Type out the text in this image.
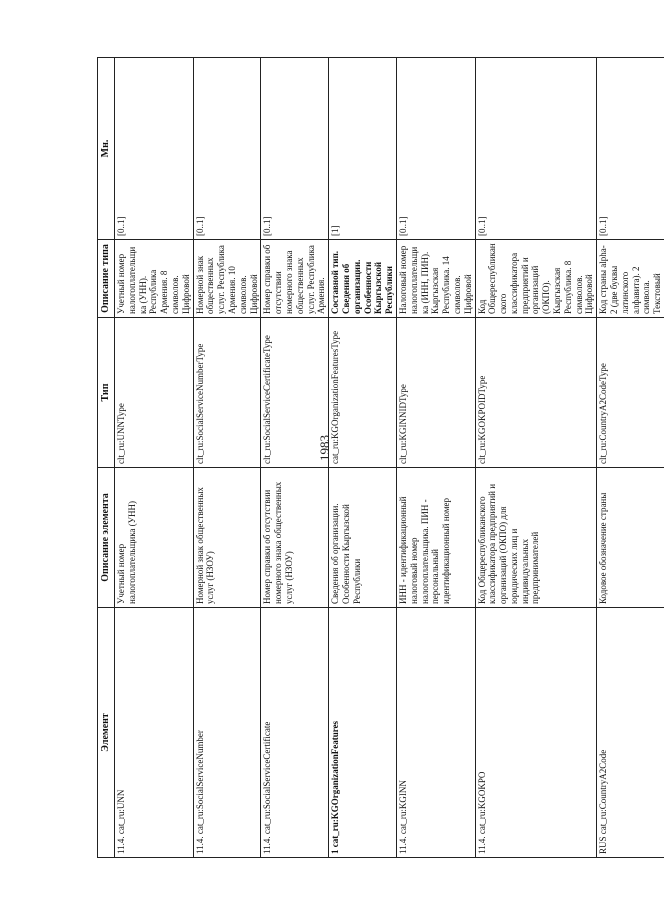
1983
Элемент	Описание элемента	Тип	Описание типа	Мн.
11.4. cat_ru:UNN	Учетный номер налогоплательщика (УНН)	clt_ru:UNNType	Учетный номер налогоплательщика (УНН). Республика Армения. 8 символов. Цифровой	[0..1]
11.4. cat_ru:SocialServiceNumber	Номерной знак общественных услуг (НЗОУ)	clt_ru:SocialServiceNumberType	Номерной знак общественных услуг. Республика Армения. 10 символов. Цифровой	[0..1]
11.4. cat_ru:SocialServiceCertificate	Номер справки об отсутствии номерного знака общественных услуг (НЗОУ)	clt_ru:SocialServiceCertificateType	Номер справки об отсутствии номерного знака общественных услуг. Республика Армения.	[0..1]
1 cat_ru:KGOrganizationFeatures	Сведения об организации. Особенности Кыргызской Республики	cat_ru:KGOrganizationFeaturesType	Составной тип. Сведения об организации. Особенности Кыргызской Республики	[1]
11.4. cat_ru:KGINN	ИНН - идентификационный налоговый номер налогоплательщика. ПИН - персональный идентификационный номер	clt_ru:KGINNIDType	Налоговый номер налогоплательщика (ИНН, ПИН). Кыргызская Республика. 14 символов. Цифровой	[0..1]
11.4. cat_ru:KGOKPO	Код Общереспубликанского классификатора предприятий и организаций (ОКПО) для юридических лиц и индивидуальных предпринимателей	clt_ru:KGOKPOIDType	Код Общереспубликанского классификатора предприятий и организаций (ОКПО). Кыргызская Республика. 8 символов. Цифровой	[0..1]
RUS cat_ru:CountryA2Code	Кодовое обозначение страны	clt_ru:CountryA2CodeType	Код страны alpha-2 (две буквы латинского алфавита). 2 символа. Текстовый	[0..1]
